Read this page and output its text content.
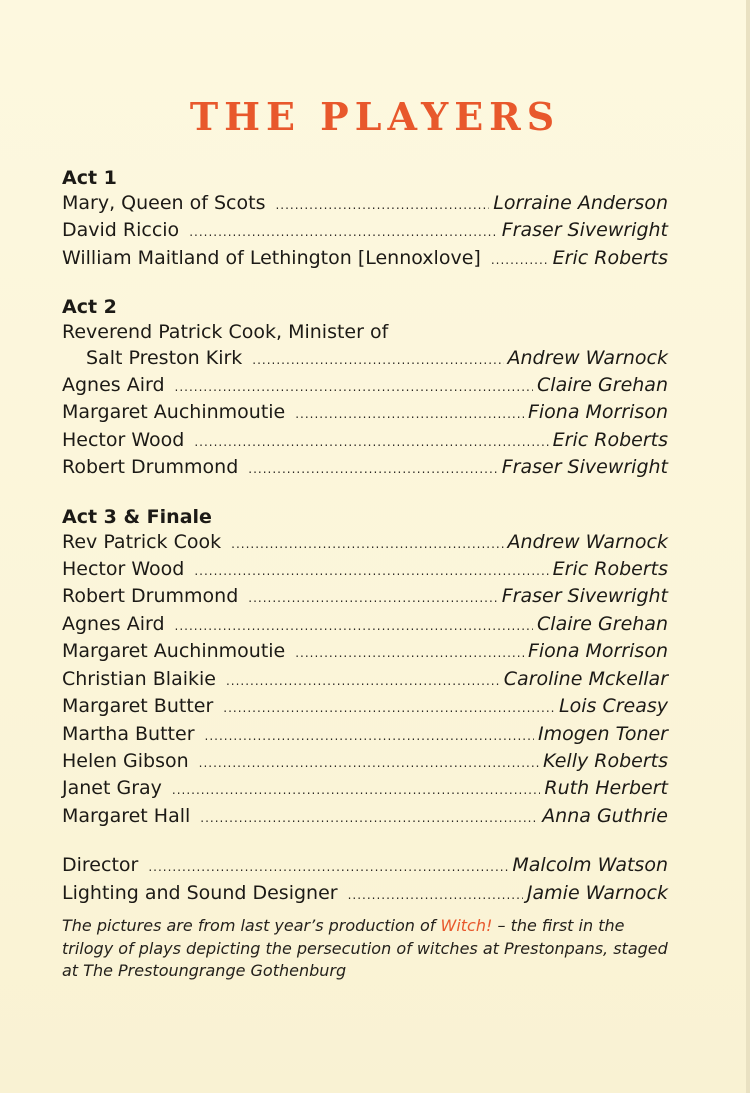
THE PLAYERS
Act 1
Mary, Queen of Scots .....	Lorraine Anderson
David Riccio .....	Fraser Sivewright
William Maitland of Lethington [Lennoxlove] .....	Eric Roberts
Act 2
Reverend Patrick Cook, Minister of
Salt Preston Kirk .....	Andrew Warnock
Agnes Aird .....	Claire Grehan
Margaret Auchinmoutie .....	Fiona Morrison
Hector Wood .....	Eric Roberts
Robert Drummond .....	Fraser Sivewright
Act 3 & Finale
Rev Patrick Cook .....	Andrew Warnock
Hector Wood .....	Eric Roberts
Robert Drummond .....	Fraser Sivewright
Agnes Aird .....	Claire Grehan
Margaret Auchinmoutie .....	Fiona Morrison
Christian Blaikie .....	Caroline Mckellar
Margaret Butter .....	Lois Creasy
Martha Butter .....	Imogen Toner
Helen Gibson .....	Kelly Roberts
Janet Gray .....	Ruth Herbert
Margaret Hall .....	Anna Guthrie
Director .....	Malcolm Watson
Lighting and Sound Designer .....	Jamie Warnock
The pictures are from last year’s production of Witch! – the first in the trilogy of plays depicting the persecution of witches at Prestonpans, staged at The Prestoungrange Gothenburg
